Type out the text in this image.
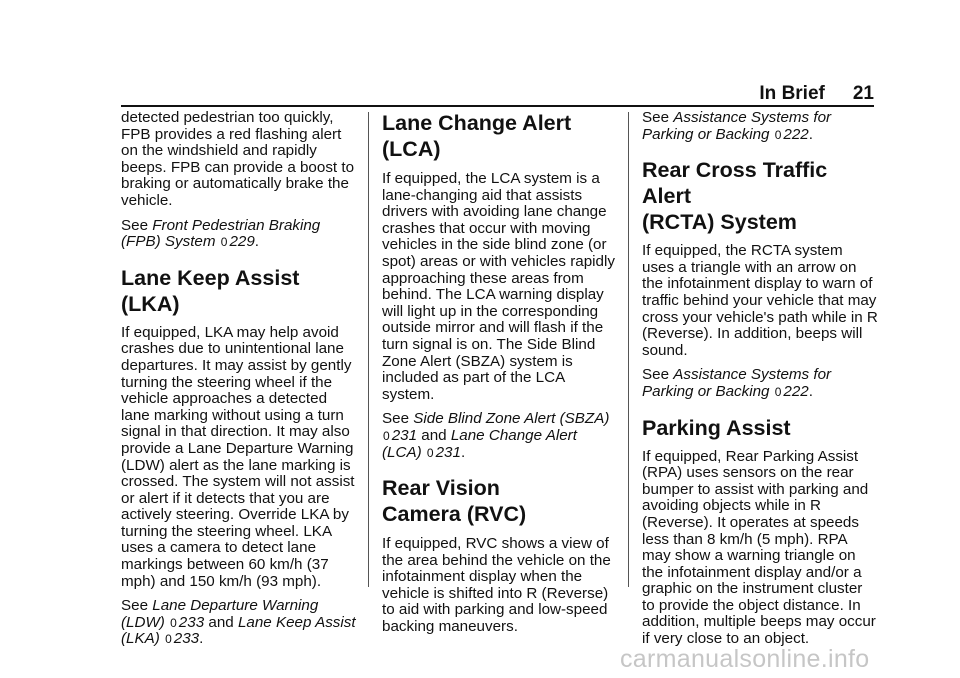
In Brief 21

detected pedestrian too quickly, FPB provides a red flashing alert on the windshield and rapidly beeps. FPB can provide a boost to braking or automatically brake the vehicle.

See Front Pedestrian Braking (FPB) System 0 229.

Lane Keep Assist (LKA)

If equipped, LKA may help avoid crashes due to unintentional lane departures. It may assist by gently turning the steering wheel if the vehicle approaches a detected lane marking without using a turn signal in that direction. It may also provide a Lane Departure Warning (LDW) alert as the lane marking is crossed. The system will not assist or alert if it detects that you are actively steering. Override LKA by turning the steering wheel. LKA uses a camera to detect lane markings between 60 km/h (37 mph) and 150 km/h (93 mph).

See Lane Departure Warning (LDW) 0 233 and Lane Keep Assist (LKA) 0 233.

Lane Change Alert (LCA)

If equipped, the LCA system is a lane-changing aid that assists drivers with avoiding lane change crashes that occur with moving vehicles in the side blind zone (or spot) areas or with vehicles rapidly approaching these areas from behind. The LCA warning display will light up in the corresponding outside mirror and will flash if the turn signal is on. The Side Blind Zone Alert (SBZA) system is included as part of the LCA system.

See Side Blind Zone Alert (SBZA) 0 231 and Lane Change Alert (LCA) 0 231.

Rear Vision
Camera (RVC)

If equipped, RVC shows a view of the area behind the vehicle on the infotainment display when the vehicle is shifted into R (Reverse) to aid with parking and low-speed backing maneuvers.

See Assistance Systems for Parking or Backing 0 222.

Rear Cross Traffic Alert
(RCTA) System

If equipped, the RCTA system uses a triangle with an arrow on the infotainment display to warn of traffic behind your vehicle that may cross your vehicle's path while in R (Reverse). In addition, beeps will sound.

See Assistance Systems for Parking or Backing 0 222.

Parking Assist

If equipped, Rear Parking Assist (RPA) uses sensors on the rear bumper to assist with parking and avoiding objects while in R (Reverse). It operates at speeds less than 8 km/h (5 mph). RPA may show a warning triangle on the infotainment display and/or a graphic on the instrument cluster to provide the object distance. In addition, multiple beeps may occur if very close to an object.

carmanualsonline.info
